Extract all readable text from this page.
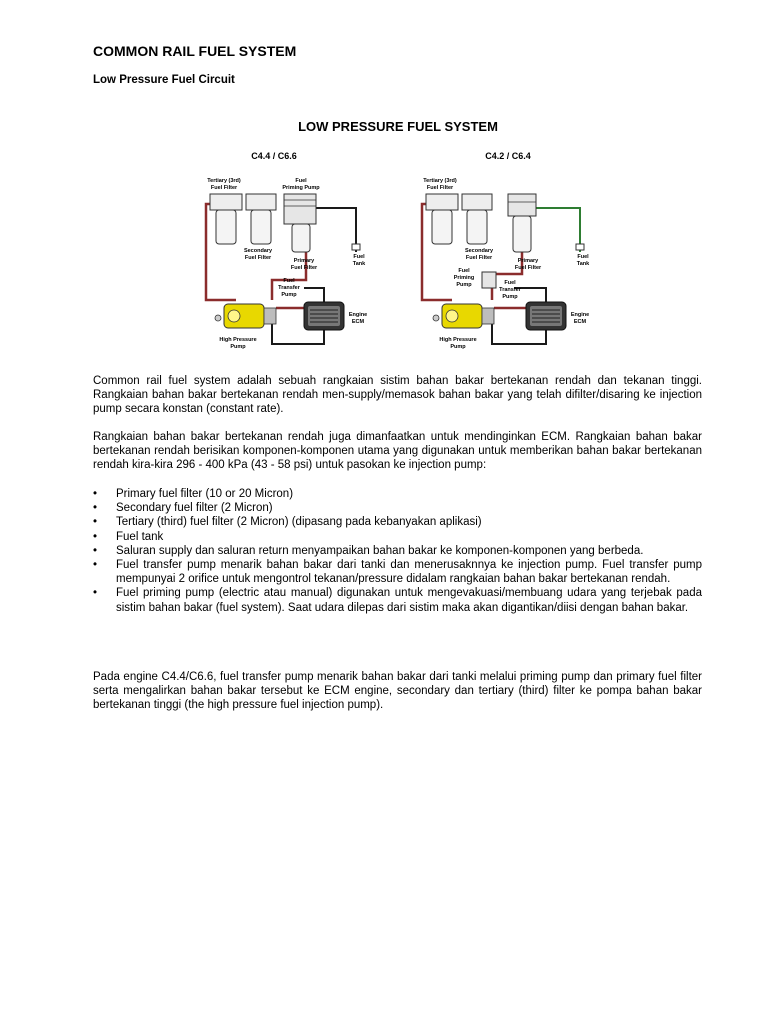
COMMON RAIL FUEL SYSTEM
Low Pressure Fuel Circuit
LOW PRESSURE FUEL SYSTEM
C4.4 / C6.6
Tertiary (3rd)
Fuel Filter
Fuel
Priming Pump
Secondary
Fuel Filter	Primary
Fuel Filter
Fuel
Tank
Fuel
Transfer
Pump
High Pressure
Pump
Engine
ECM
C4.2 / C6.4
Tertiary (3rd)
Fuel Filter
Secondary
Fuel Filter	Primary
Fuel Filter
Fuel
Tank
Fuel
Priming
Pump	Fuel
Transfer
Pump
High Pressure
Pump
Engine
ECM
Common rail fuel system adalah sebuah rangkaian sistim bahan bakar bertekanan rendah dan tekanan tinggi. Rangkaian bahan bakar bertekanan rendah men-supply/memasok bahan bakar yang telah difilter/disaring ke injection pump secara konstan (constant rate).
Rangkaian bahan bakar bertekanan rendah juga dimanfaatkan untuk mendinginkan ECM. Rangkaian bahan bakar bertekanan rendah berisikan komponen-komponen utama yang digunakan untuk memberikan bahan bakar bertekanan rendah kira-kira 296 - 400 kPa (43 - 58 psi) untuk pasokan ke injection pump:
• Primary fuel filter (10 or 20 Micron)
• Secondary fuel filter (2 Micron)
• Tertiary (third) fuel filter (2 Micron) (dipasang pada kebanyakan aplikasi)
• Fuel tank
• Saluran supply dan saluran return menyampaikan bahan bakar ke komponen-komponen yang berbeda.
• Fuel transfer pump menarik bahan bakar dari tanki dan menerusaknnya ke injection pump. Fuel transfer pump mempunyai 2 orifice untuk mengontrol tekanan/pressure didalam rangkaian bahan bakar bertekanan rendah.
• Fuel priming pump (electric atau manual) digunakan untuk mengevakuasi/membuang udara yang terjebak pada sistim bahan bakar (fuel system). Saat udara dilepas dari sistim maka akan digantikan/diisi dengan bahan bakar.
Pada engine C4.4/C6.6, fuel transfer pump menarik bahan bakar dari tanki melalui priming pump dan primary fuel filter serta mengalirkan bahan bakar tersebut ke ECM engine, secondary dan tertiary (third) filter ke pompa bahan bakar bertekanan tinggi (the high pressure fuel injection pump).
